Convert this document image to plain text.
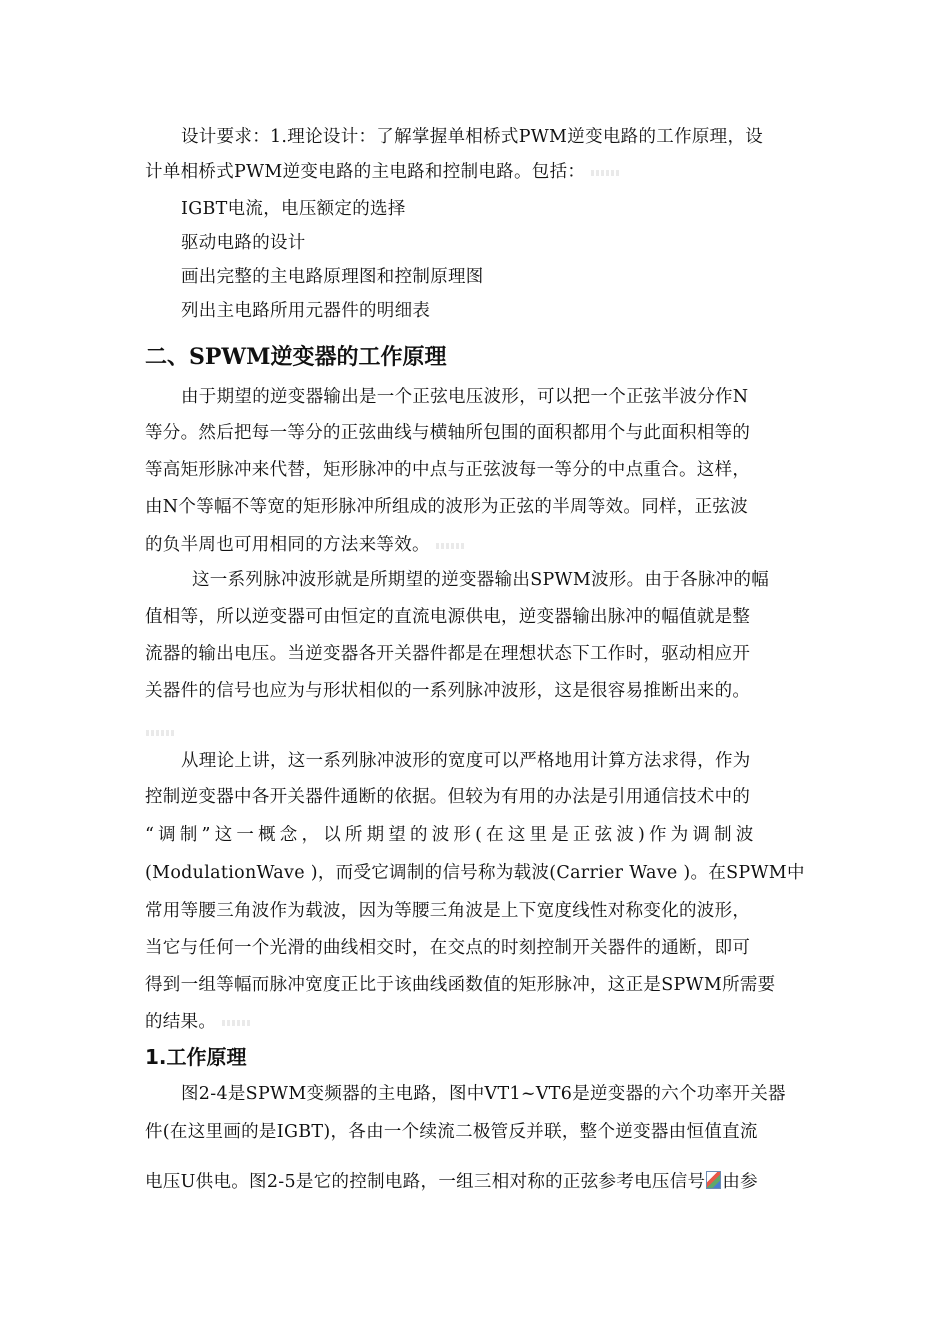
设计要求：1.理论设计：了解掌握单相桥式PWM逆变电路的工作原理，设
计单相桥式PWM逆变电路的主电路和控制电路。包括：
IGBT电流，电压额定的选择
驱动电路的设计
画出完整的主电路原理图和控制原理图
列出主电路所用元器件的明细表
二、SPWM逆变器的工作原理
由于期望的逆变器输出是一个正弦电压波形，可以把一个正弦半波分作N
等分。然后把每一等分的正弦曲线与横轴所包围的面积都用个与此面积相等的
等高矩形脉冲来代替，矩形脉冲的中点与正弦波每一等分的中点重合。这样，
由N个等幅不等宽的矩形脉冲所组成的波形为正弦的半周等效。同样，正弦波
的负半周也可用相同的方法来等效。
这一系列脉冲波形就是所期望的逆变器输出SPWM波形。由于各脉冲的幅
值相等，所以逆变器可由恒定的直流电源供电，逆变器输出脉冲的幅值就是整
流器的输出电压。当逆变器各开关器件都是在理想状态下工作时，驱动相应开
关器件的信号也应为与形状相似的一系列脉冲波形，这是很容易推断出来的。
从理论上讲，这一系列脉冲波形的宽度可以严格地用计算方法求得，作为
控制逆变器中各开关器件通断的依据。但较为有用的办法是引用通信技术中的
“调制”这一概念，以所期望的波形(在这里是正弦波)作为调制波
(ModulationWave )，而受它调制的信号称为载波(Carrier Wave )。在SPWM中
常用等腰三角波作为载波，因为等腰三角波是上下宽度线性对称变化的波形，
当它与任何一个光滑的曲线相交时，在交点的时刻控制开关器件的通断，即可
得到一组等幅而脉冲宽度正比于该曲线函数值的矩形脉冲，这正是SPWM所需要
的结果。
1.工作原理
图2-4是SPWM变频器的主电路，图中VT1~VT6是逆变器的六个功率开关器
件(在这里画的是IGBT)，各由一个续流二极管反并联，整个逆变器由恒值直流
电压U供电。图2-5是它的控制电路，一组三相对称的正弦参考电压信号 由参
